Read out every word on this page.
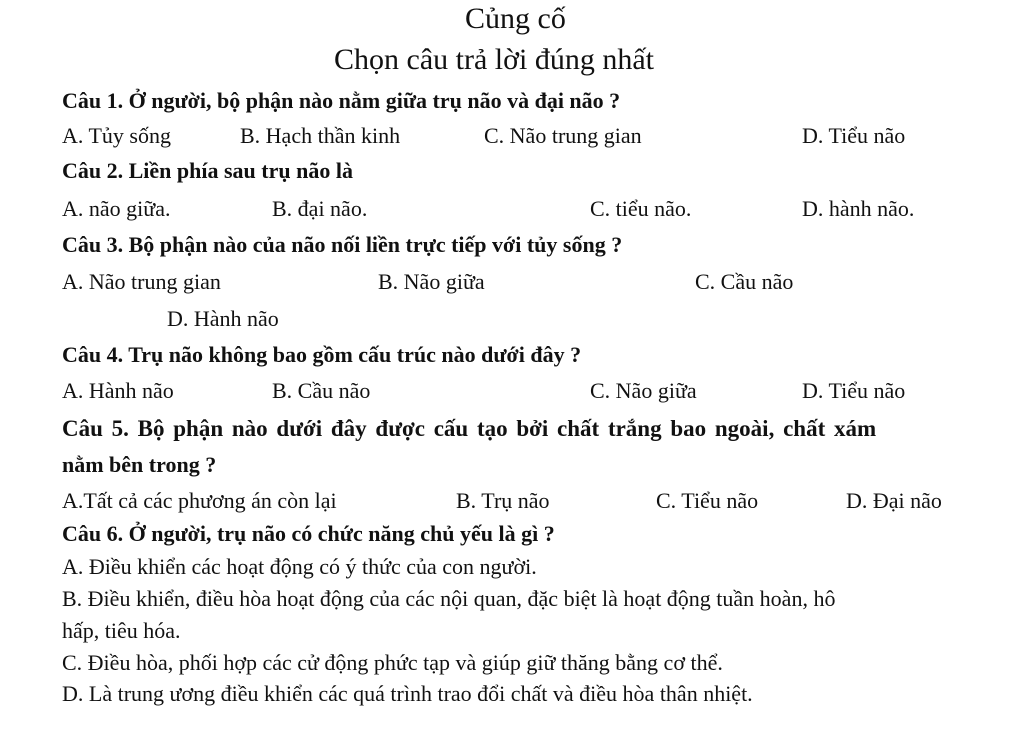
Củng cố
Chọn câu trả lời đúng nhất
Câu 1. Ở người, bộ phận nào nằm giữa trụ não và đại não ?
A. Tủy sống	B. Hạch thần kinh	C. Não trung gian	D. Tiểu não
Câu 2. Liền phía sau trụ não là
A. não giữa.	B. đại não.	C. tiểu não.	D. hành não.
Câu 3. Bộ phận nào của não nối liền trực tiếp với tủy sống ?
A. Não trung gian	B. Não giữa	C. Cầu não
D. Hành não
Câu 4. Trụ não không bao gồm cấu trúc nào dưới đây ?
A. Hành não	B. Cầu não	C. Não giữa	D. Tiểu não
Câu 5. Bộ phận nào dưới đây được cấu tạo bởi chất trắng bao ngoài, chất xám
nằm bên trong ?
A.Tất cả các phương án còn lại	B. Trụ não	C. Tiểu não	D. Đại não
Câu 6. Ở người, trụ não có chức năng chủ yếu là gì ?
A. Điều khiển các hoạt động có ý thức của con người.
B. Điều khiển, điều hòa hoạt động của các nội quan, đặc biệt là hoạt động tuần hoàn, hô
hấp, tiêu hóa.
C. Điều hòa, phối hợp các cử động phức tạp và giúp giữ thăng bằng cơ thể.
D. Là trung ương điều khiển các quá trình trao đổi chất và điều hòa thân nhiệt.
